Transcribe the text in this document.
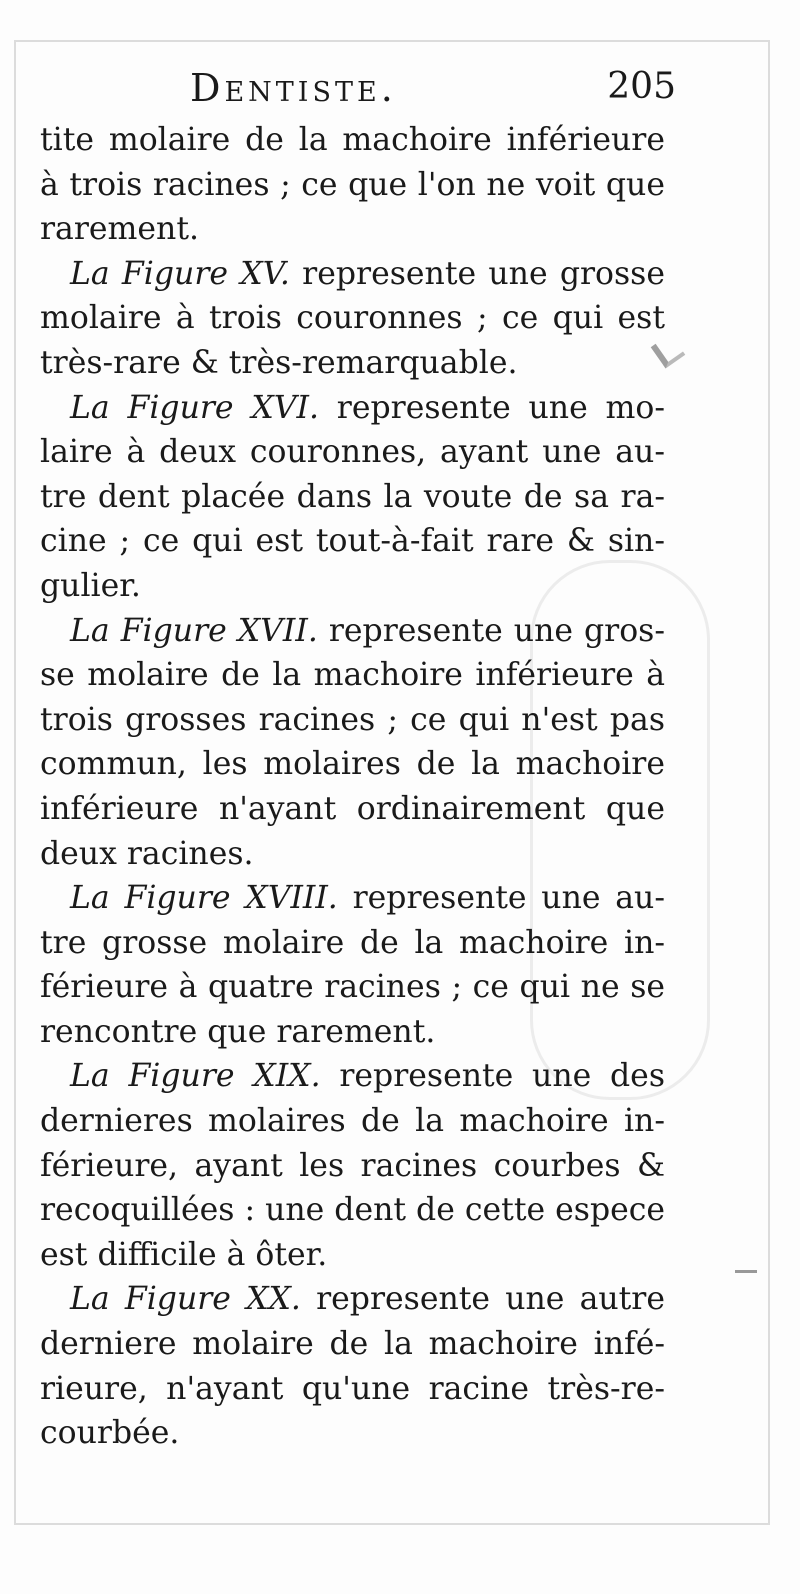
Dentiste.	205
tite molaire de la machoire inférieure
à trois racines ; ce que l'on ne voit que
rarement.
La Figure XV. represente une grosse
molaire à trois couronnes ; ce qui est
très-rare & très-remarquable.
La Figure XVI. represente une mo-
laire à deux couronnes, ayant une au-
tre dent placée dans la voute de sa ra-
cine ; ce qui est tout-à-fait rare & sin-
gulier.
La Figure XVII. represente une gros-
se molaire de la machoire inférieure à
trois grosses racines ; ce qui n'est pas
commun, les molaires de la machoire
inférieure n'ayant ordinairement que
deux racines.
La Figure XVIII. represente une au-
tre grosse molaire de la machoire in-
férieure à quatre racines ; ce qui ne se
rencontre que rarement.
La Figure XIX. represente une des
dernieres molaires de la machoire in-
férieure, ayant les racines courbes &
recoquillées : une dent de cette espece
est difficile à ôter.
La Figure XX. represente une autre
derniere molaire de la machoire infé-
rieure, n'ayant qu'une racine très-re-
courbée.
